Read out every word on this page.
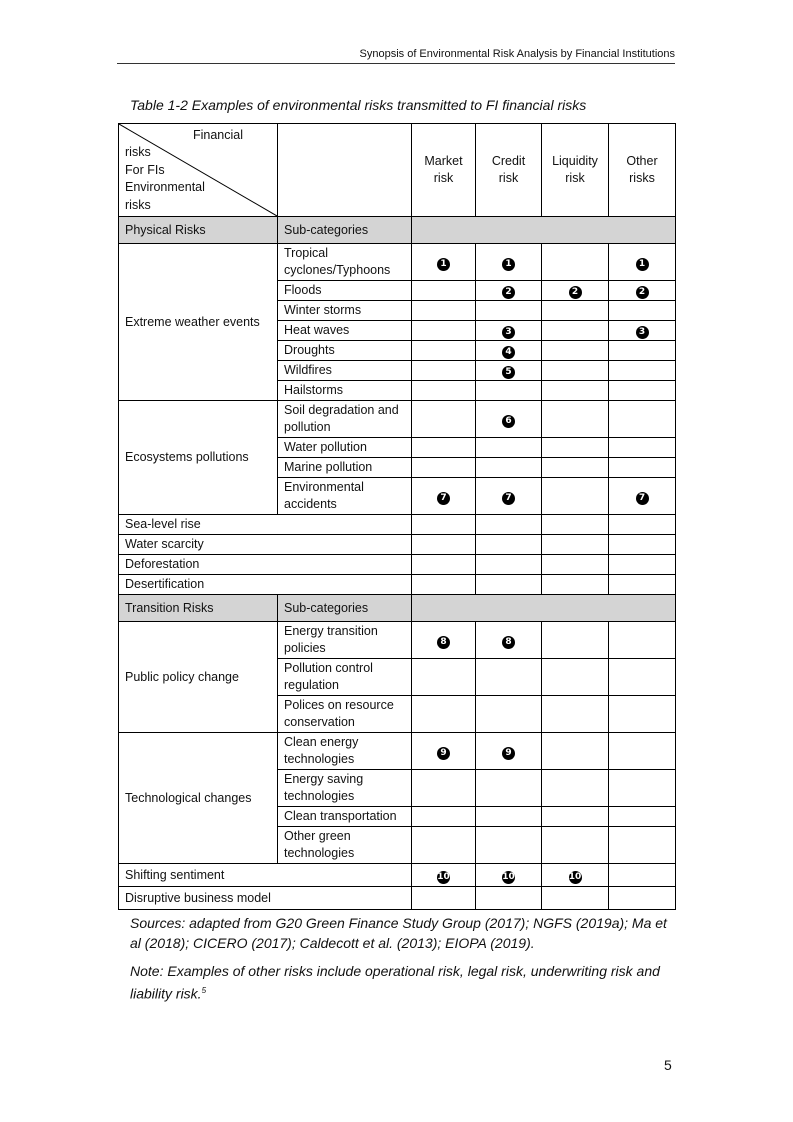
Synopsis of Environmental Risk Analysis by Financial Institutions
Table 1-2 Examples of environmental risks transmitted to FI financial risks
Financial
risks
For FIs
Environmental
risks		Market risk	Credit risk	Liquidity risk	Other risks
Physical Risks	Sub-categories				
Extreme weather events	Tropical cyclones/Typhoons	1	1		1
	Floods		2	2	2
	Winter storms				
	Heat waves		3		3
	Droughts		4		
	Wildfires		5		
	Hailstorms				
Ecosystems pollutions	Soil degradation and pollution		6		
	Water pollution				
	Marine pollution				
	Environmental accidents	7	7		7
Sea-level rise					
Water scarcity					
Deforestation					
Desertification					
Transition Risks	Sub-categories				
Public policy change	Energy transition policies	8	8		
	Pollution control regulation				
	Polices on resource conservation				
Technological changes	Clean energy technologies	9	9		
	Energy saving technologies				
	Clean transportation				
	Other green technologies				
Shifting sentiment		10	10	10	
Disruptive business model					
Sources: adapted from G20 Green Finance Study Group (2017); NGFS (2019a); Ma et al (2018); CICERO (2017); Caldecott et al. (2013); EIOPA (2019).
Note: Examples of other risks include operational risk, legal risk, underwriting risk and liability risk.$^5$
5
